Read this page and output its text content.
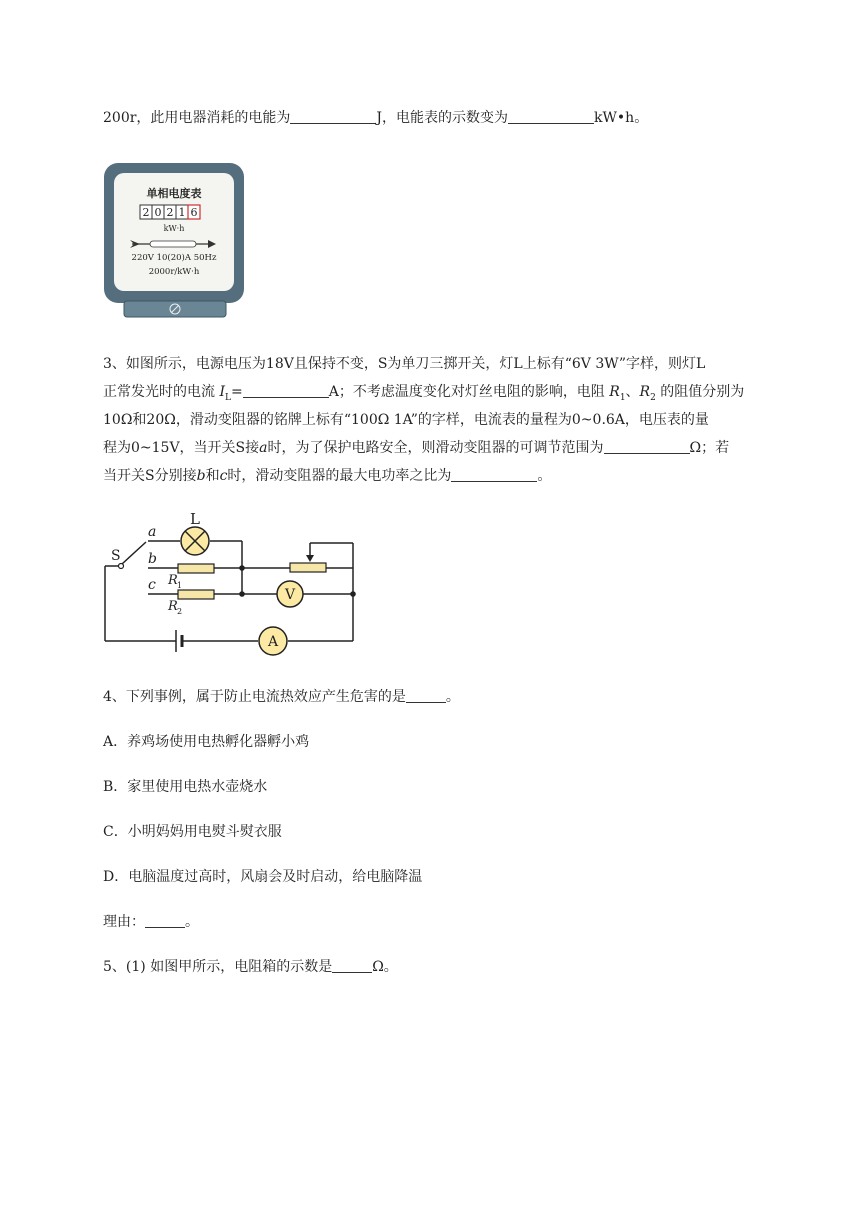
200r，此用电器消耗的电能为	J，电能表的示数变为	kW•h。
单相电度表
2 0 2 1 6
kW·h
220V 10(20)A 50Hz
2000r/kW·h
3、如图所示，电源电压为18V且保持不变，S为单刀三掷开关，灯L上标有“6V 3W”字样，则灯L
正常发光时的电流 $I_L=$	A；不考虑温度变化对灯丝电阻的影响，电阻 $R_1$、$R_2$ 的阻值分别为
10Ω和20Ω，滑动变阻器的铭牌上标有“100Ω 1A”的字样，电流表的量程为0~0.6A，电压表的量
程为0~15V，当开关S接a时，为了保护电路安全，则滑动变阻器的可调节范围为	Ω；若
当开关S分别接b和c时，滑动变阻器的最大电功率之比为	。
S
a
b
c
L
R 1
R 2
V
A
4、下列事例，属于防止电流热效应产生危害的是	。
A．养鸡场使用电热孵化器孵小鸡
B．家里使用电热水壶烧水
C．小明妈妈用电熨斗熨衣服
D．电脑温度过高时，风扇会及时启动，给电脑降温
理由：	。
5、(1) 如图甲所示，电阻箱的示数是	Ω。
